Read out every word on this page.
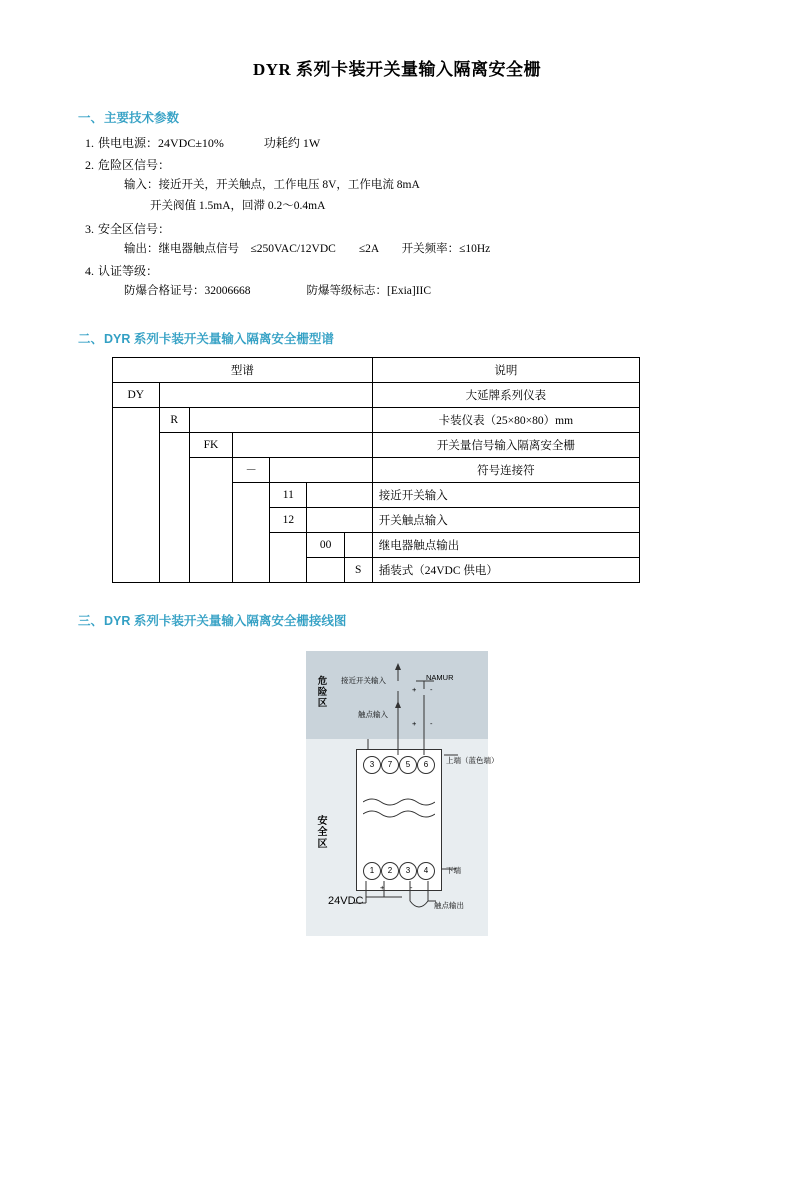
DYR 系列卡装开关量输入隔离安全栅
一、主要技术参数
1. 供电电源：24VDC±10%	功耗约 1W
2. 危险区信号：
输入：接近开关，开关触点，工作电压 8V，工作电流 8mA
开关阀值 1.5mA，回滞 0.2～0.4mA
3. 安全区信号：
输出：继电器触点信号　≤250VAC/12VDC　　≤2A　　开关频率：≤10Hz
4. 认证等级：
防爆合格证号：32006668	防爆等级标志：[Exia]IIC
二、DYR 系列卡装开关量输入隔离安全栅型谱
型谱							说明
DY							大延牌系列仪表
	R						卡装仪表（25×80×80）mm
		FK					开关量信号输入隔离安全栅
			－				符号连接符
				11			接近开关输入
				12			开关触点输入
					00		继电器触点输出
						S	插装式（24VDC 供电）
三、DYR 系列卡装开关量输入隔离安全栅接线图
危险区
安全区
接近开关输入
触点输入
NAMUR
+ -
+ -
3	7	5	6
1	2	3	4
上端（蓝色端）
下端
+	-
24VDC	触点输出
